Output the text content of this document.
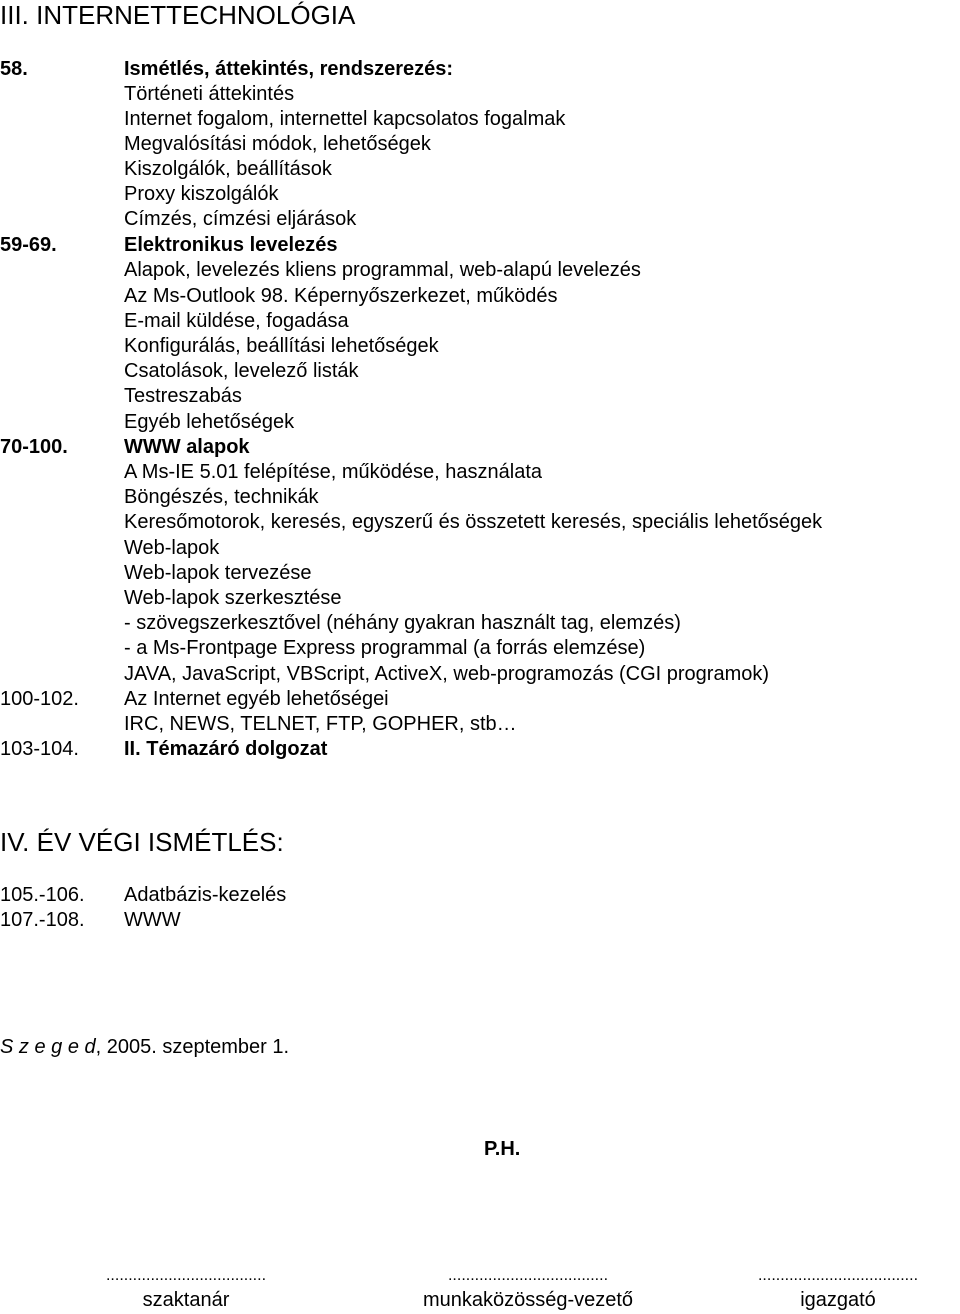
III. INTERNETTECHNOLÓGIA
58.	Ismétlés, áttekintés, rendszerezés:
Történeti áttekintés
Internet fogalom, internettel kapcsolatos fogalmak
Megvalósítási módok, lehetőségek
Kiszolgálók, beállítások
Proxy kiszolgálók
Címzés, címzési eljárások
59-69.	Elektronikus levelezés
Alapok, levelezés kliens programmal, web-alapú levelezés
Az Ms-Outlook 98. Képernyőszerkezet, működés
E-mail küldése, fogadása
Konfigurálás, beállítási lehetőségek
Csatolások, levelező listák
Testreszabás
Egyéb lehetőségek
70-100.	WWW alapok
A Ms-IE 5.01 felépítése, működése, használata
Böngészés, technikák
Keresőmotorok, keresés, egyszerű és összetett keresés, speciális lehetőségek
Web-lapok
Web-lapok tervezése
Web-lapok szerkesztése
- szövegszerkesztővel (néhány gyakran használt tag, elemzés)
- a Ms-Frontpage Express programmal (a forrás elemzése)
JAVA, JavaScript, VBScript, ActiveX, web-programozás (CGI programok)
100-102. Az Internet egyéb lehetőségei
IRC, NEWS, TELNET, FTP, GOPHER, stb…
103-104. II. Témazáró dolgozat
IV. ÉV VÉGI ISMÉTLÉS:
105.-106. Adatbázis-kezelés
107.-108. WWW
S z e g e d, 2005. szeptember 1.
P.H.
....................................
szaktanár
....................................
munkaközösség-vezető
....................................
igazgató
